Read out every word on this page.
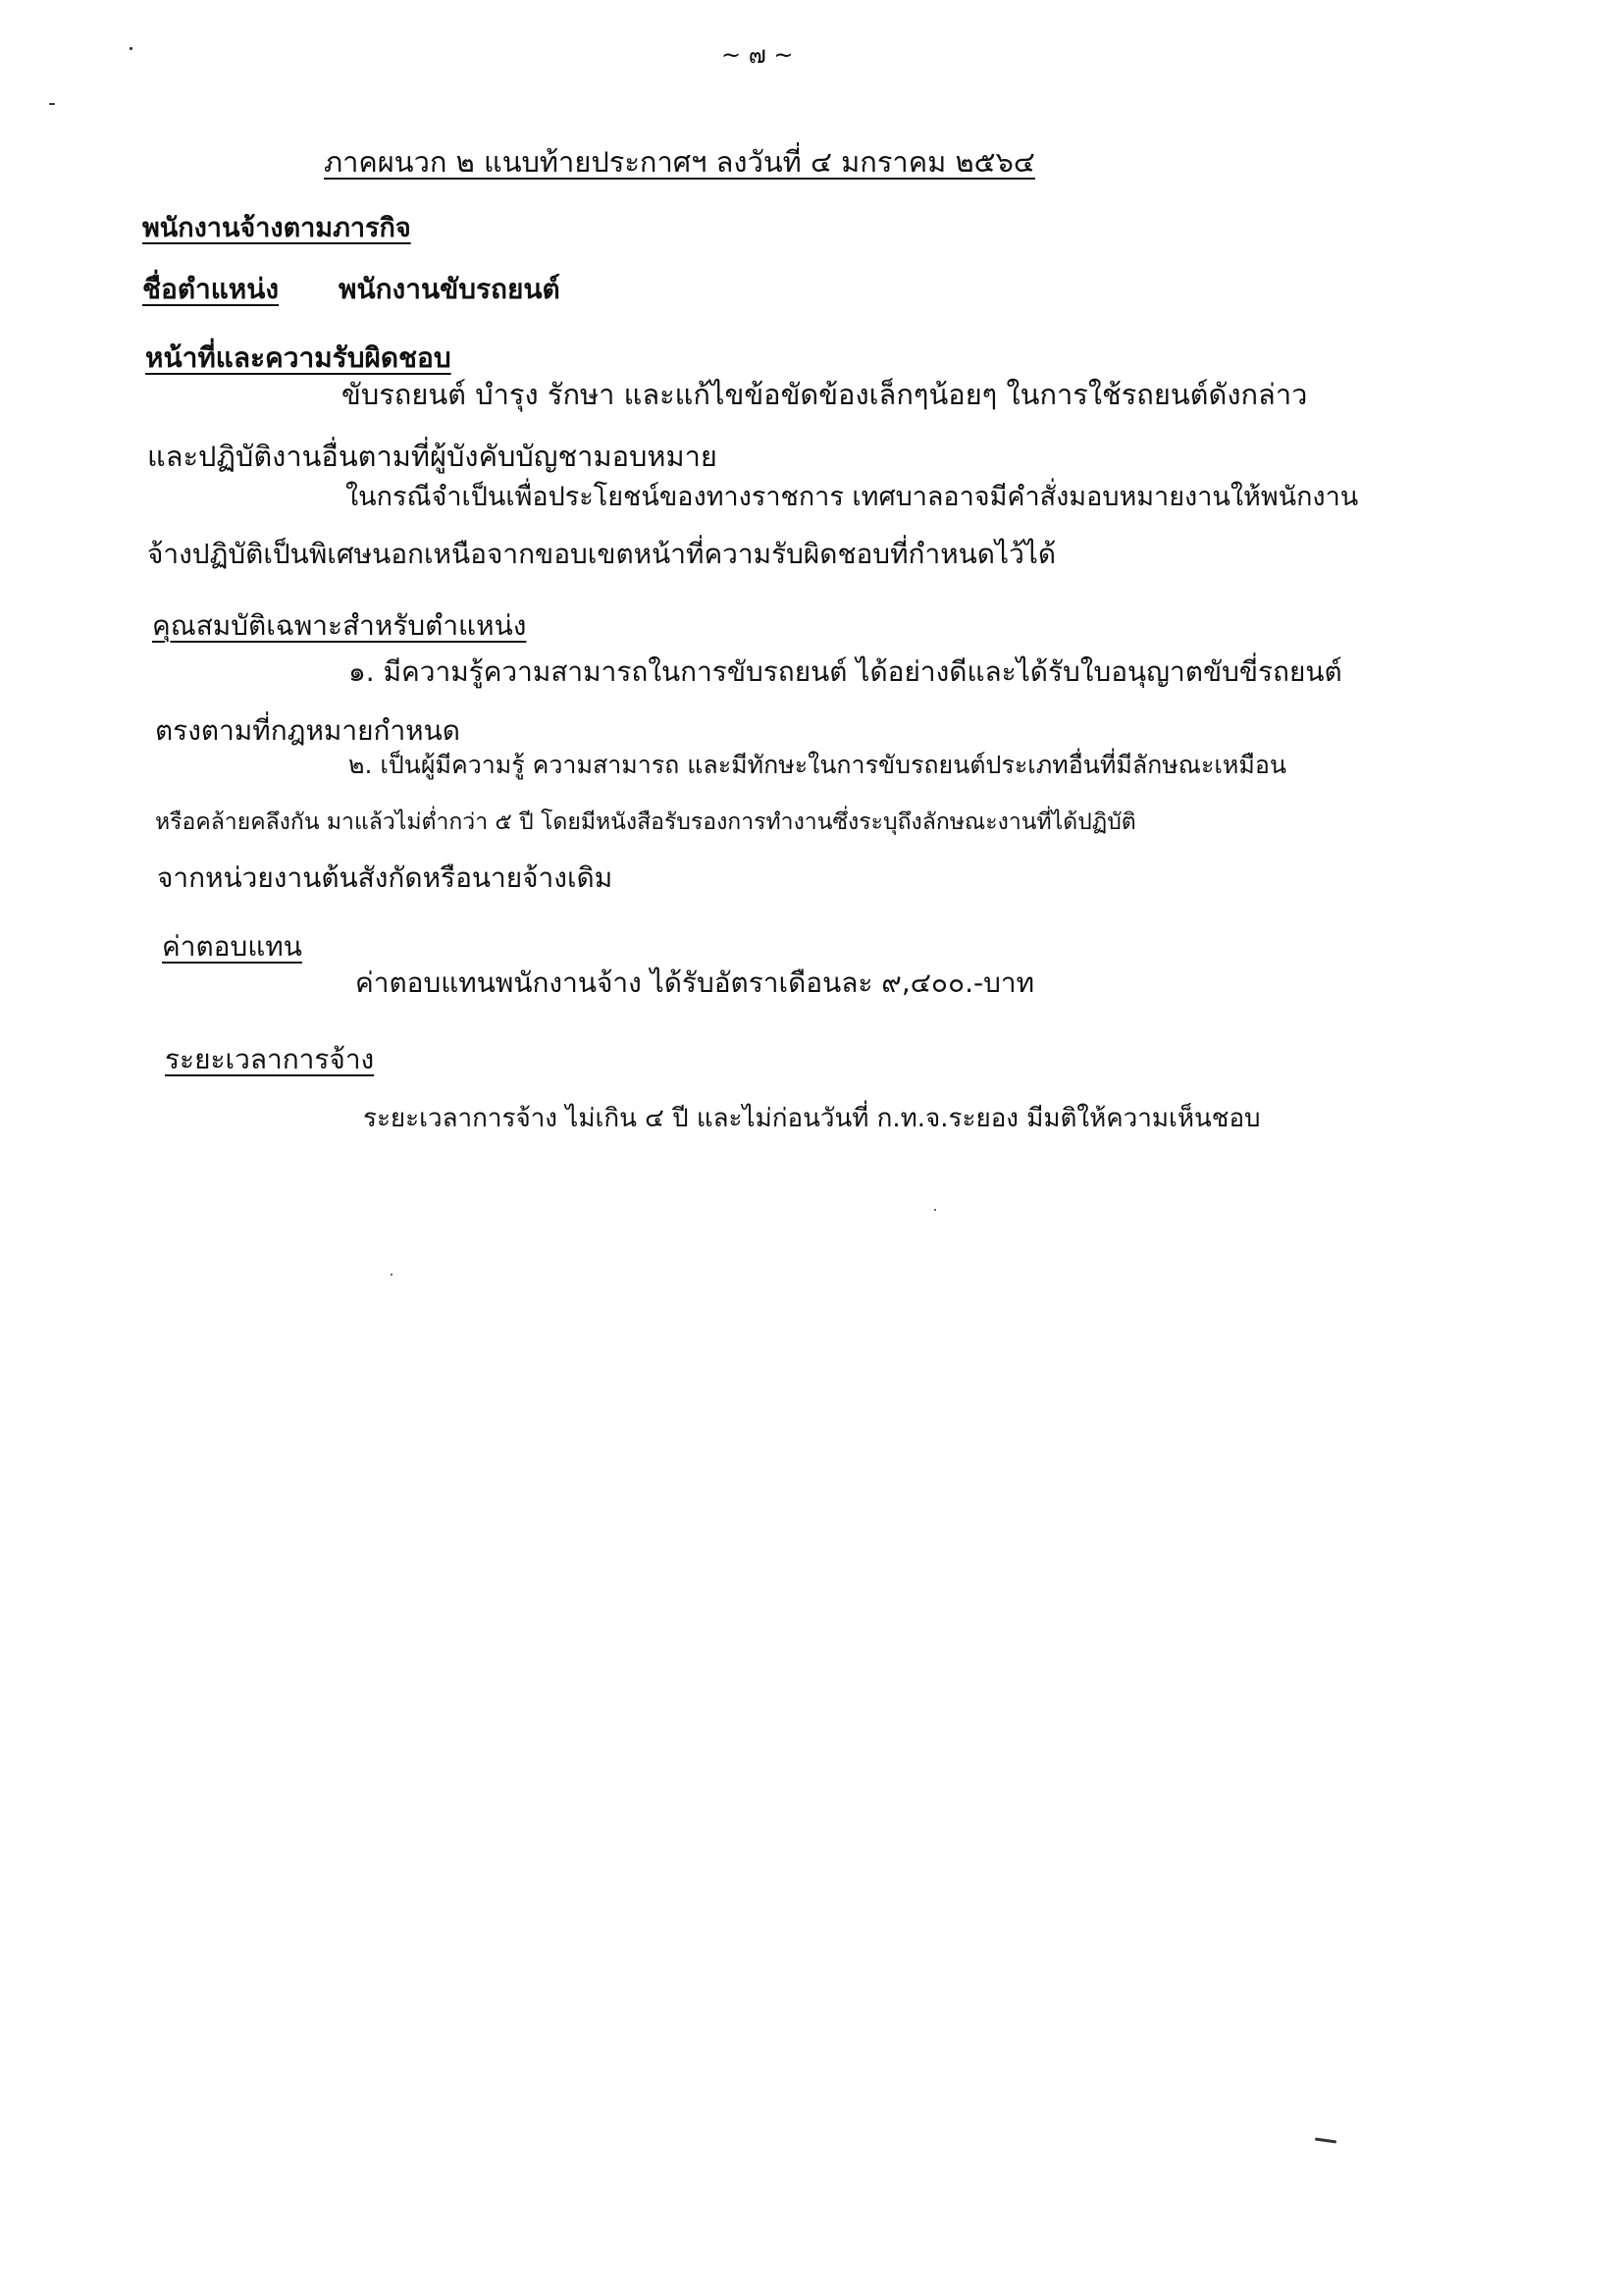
~ ๗ ~
ภาคผนวก ๒ แนบท้ายประกาศฯ ลงวันที่ ๔ มกราคม ๒๕๖๔
พนักงานจ้างตามภารกิจ
ชื่อตำแหน่ง พนักงานขับรถยนต์
หน้าที่และความรับผิดชอบ
ขับรถยนต์ บำรุง รักษา และแก้ไขข้อขัดข้องเล็กๆน้อยๆ ในการใช้รถยนต์ดังกล่าว
และปฏิบัติงานอื่นตามที่ผู้บังคับบัญชามอบหมาย
ในกรณีจำเป็นเพื่อประโยชน์ของทางราชการ เทศบาลอาจมีคำสั่งมอบหมายงานให้พนักงาน
จ้างปฏิบัติเป็นพิเศษนอกเหนือจากขอบเขตหน้าที่ความรับผิดชอบที่กำหนดไว้ได้
คุณสมบัติเฉพาะสำหรับตำแหน่ง
๑. มีความรู้ความสามารถในการขับรถยนต์ ได้อย่างดีและได้รับใบอนุญาตขับขี่รถยนต์
ตรงตามที่กฎหมายกำหนด
๒. เป็นผู้มีความรู้ ความสามารถ และมีทักษะในการขับรถยนต์ประเภทอื่นที่มีลักษณะเหมือน
หรือคล้ายคลึงกัน มาแล้วไม่ต่ำกว่า ๕ ปี โดยมีหนังสือรับรองการทำงานซึ่งระบุถึงลักษณะงานที่ได้ปฏิบัติ
จากหน่วยงานต้นสังกัดหรือนายจ้างเดิม
ค่าตอบแทน
ค่าตอบแทนพนักงานจ้าง ได้รับอัตราเดือนละ ๙,๔๐๐.-บาท
ระยะเวลาการจ้าง
ระยะเวลาการจ้าง ไม่เกิน ๔ ปี และไม่ก่อนวันที่ ก.ท.จ.ระยอง มีมติให้ความเห็นชอบ
